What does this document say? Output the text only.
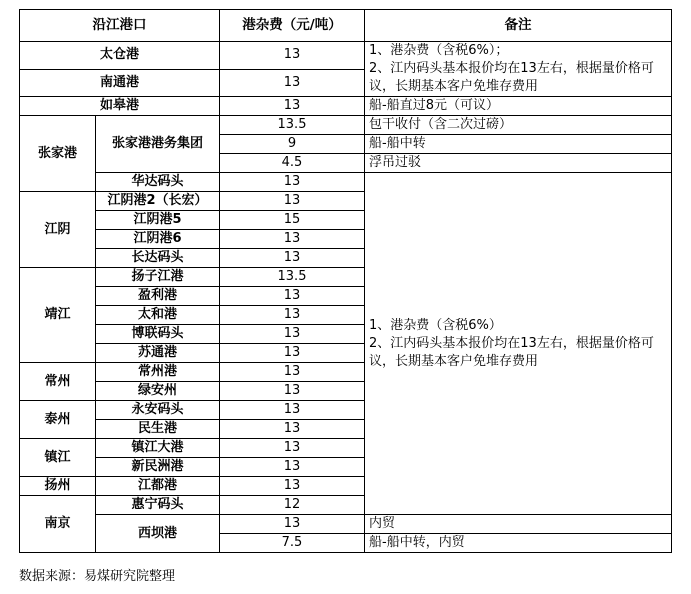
沿江港口		港杂费（元/吨）	备注
太仓港		13	1、港杂费（含税6%）；
2、江内码头基本报价均在13左右，根据量价格可议，长期基本客户免堆存费用

南通港		13	
如皋港		13	船-船直过8元（可议）
张家港	张家港港务集团	13.5	包干收付（含二次过磅）
		9	船-船中转
		4.5	浮吊过驳
	华达码头	13	1、港杂费（含税6%）
2、江内码头基本报价均在13左右，根据量价格可议，长期基本客户免堆存费用

江阴	江阴港2（长宏）	13	
	江阴港5	15	
	江阴港6	13	
	长达码头	13	
靖江	扬子江港	13.5	
	盈利港	13	
	太和港	13	
	博联码头	13	
	苏通港	13	
常州	常州港	13	
	绿安州	13	
泰州	永安码头	13	
	民生港	13	
镇江	镇江大港	13	
	新民洲港	13	
扬州	江都港	13	
南京	惠宁码头	12	
	西坝港	13	内贸
		7.5	船-船中转，内贸
数据来源：易煤研究院整理
